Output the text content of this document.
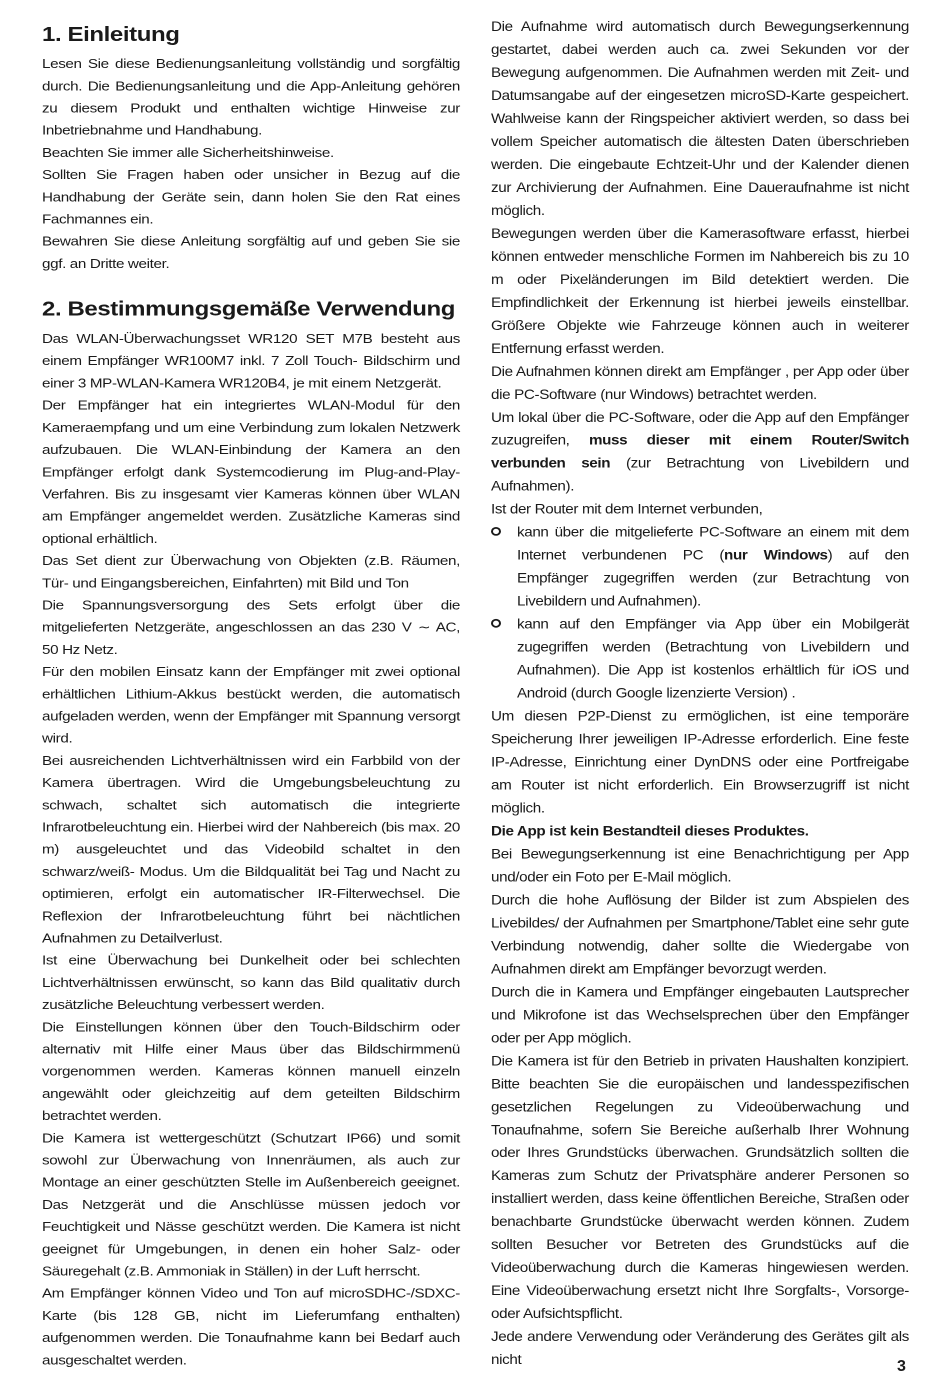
1. Einleitung

Lesen Sie diese Bedienungsanleitung vollständig und sorgfältig durch. Die Bedienungsanleitung und die App-Anleitung gehören zu diesem Produkt und enthalten wichtige Hinweise zur Inbetriebnahme und Handhabung.

Beachten Sie immer alle Sicherheitshinweise.

Sollten Sie Fragen haben oder unsicher in Bezug auf die Handhabung der Geräte sein, dann holen Sie den Rat eines Fachmannes ein.

Bewahren Sie diese Anleitung sorgfältig auf und geben Sie sie ggf. an Dritte weiter.

2. Bestimmungsgemäße Verwendung

Das WLAN-Überwachungsset WR120 SET M7B besteht aus einem Empfänger WR100M7 inkl. 7 Zoll Touch- Bildschirm und einer 3 MP-WLAN-Kamera WR120B4, je mit einem Netzgerät.

Der Empfänger hat ein integriertes WLAN-Modul für den Kameraempfang und um eine Verbindung zum lokalen Netzwerk aufzubauen. Die WLAN-Einbindung der Kamera an den Empfänger erfolgt dank Systemcodierung im Plug-and-Play-Verfahren. Bis zu insgesamt vier Kameras können über WLAN am Empfänger angemeldet werden. Zusätzliche Kameras sind optional erhältlich.

Das Set dient zur Überwachung von Objekten (z.B. Räumen, Tür- und Eingangsbereichen, Einfahrten) mit Bild und Ton

Die Spannungsversorgung des Sets erfolgt über die mitgelieferten Netzgeräte, angeschlossen an das 230 V ∼ AC, 50 Hz Netz.

Für den mobilen Einsatz kann der Empfänger mit zwei optional erhältlichen Lithium-Akkus bestückt werden, die automatisch aufgeladen werden, wenn der Empfänger mit Spannung versorgt wird.

Bei ausreichenden Lichtverhältnissen wird ein Farbbild von der Kamera übertragen. Wird die Umgebungsbeleuchtung zu schwach, schaltet sich automatisch die integrierte Infrarotbeleuchtung ein. Hierbei wird der Nahbereich (bis max. 20 m) ausgeleuchtet und das Videobild schaltet in den schwarz/weiß- Modus. Um die Bildqualität bei Tag und Nacht zu optimieren, erfolgt ein automatischer IR-Filterwechsel. Die Reflexion der Infrarotbeleuchtung führt bei nächtlichen Aufnahmen zu Detailverlust.

Ist eine Überwachung bei Dunkelheit oder bei schlechten Lichtverhältnissen erwünscht, so kann das Bild qualitativ durch zusätzliche Beleuchtung verbessert werden.

Die Einstellungen können über den Touch-Bildschirm oder alternativ mit Hilfe einer Maus über das Bildschirmmenü vorgenommen werden. Kameras können manuell einzeln angewählt oder gleichzeitig auf dem geteilten Bildschirm betrachtet werden.

Die Kamera ist wettergeschützt (Schutzart IP66) und somit sowohl zur Überwachung von Innenräumen, als auch zur Montage an einer geschützten Stelle im Außenbereich geeignet. Das Netzgerät und die Anschlüsse müssen jedoch vor Feuchtigkeit und Nässe geschützt werden. Die Kamera ist nicht geeignet für Umgebungen, in denen ein hoher Salz- oder Säuregehalt (z.B. Ammoniak in Ställen) in der Luft herrscht.

Am Empfänger können Video und Ton auf microSDHC-/SDXC-Karte (bis 128 GB, nicht im Lieferumfang enthalten) aufgenommen werden. Die Tonaufnahme kann bei Bedarf auch ausgeschaltet werden.

Die Aufnahme wird automatisch durch Bewegungserkennung gestartet, dabei werden auch ca. zwei Sekunden vor der Bewegung aufgenommen. Die Aufnahmen werden mit Zeit- und Datumsangabe auf der eingesetzen microSD-Karte gespeichert. Wahlweise kann der Ringspeicher aktiviert werden, so dass bei vollem Speicher automatisch die ältesten Daten überschrieben werden. Die eingebaute Echtzeit-Uhr und der Kalender dienen zur Archivierung der Aufnahmen. Eine Daueraufnahme ist nicht möglich.

Bewegungen werden über die Kamerasoftware erfasst, hierbei können entweder menschliche Formen im Nahbereich bis zu 10 m oder Pixeländerungen im Bild detektiert werden. Die Empfindlichkeit der Erkennung ist hierbei jeweils einstellbar. Größere Objekte wie Fahrzeuge können auch in weiterer Entfernung erfasst werden.

Die Aufnahmen können direkt am Empfänger , per App oder über die PC-Software (nur Windows) betrachtet werden.

Um lokal über die PC-Software, oder die App auf den Empfänger zuzugreifen, muss dieser mit einem Router/Switch verbunden sein (zur Betrachtung von Livebildern und Aufnahmen).

Ist der Router mit dem Internet verbunden,

kann über die mitgelieferte PC-Software an einem mit dem Internet verbundenen PC (nur Windows) auf den Empfänger zugegriffen werden (zur Betrachtung von Livebildern und Aufnahmen).
kann auf den Empfänger via App über ein Mobilgerät zugegriffen werden (Betrachtung von Livebildern und Aufnahmen). Die App ist kostenlos erhältlich für iOS und Android (durch Google lizenzierte Version) .

Um diesen P2P-Dienst zu ermöglichen, ist eine temporäre Speicherung Ihrer jeweiligen IP-Adresse erforderlich. Eine feste IP-Adresse, Einrichtung einer DynDNS oder eine Portfreigabe am Router ist nicht erforderlich. Ein Browserzugriff ist nicht möglich.

Die App ist kein Bestandteil dieses Produktes.

Bei Bewegungserkennung ist eine Benachrichtigung per App und/oder ein Foto per E-Mail möglich.

Durch die hohe Auflösung der Bilder ist zum Abspielen des Livebildes/ der Aufnahmen per Smartphone/Tablet eine sehr gute Verbindung notwendig, daher sollte die Wiedergabe von Aufnahmen direkt am Empfänger bevorzugt werden.

Durch die in Kamera und Empfänger eingebauten Lautsprecher und Mikrofone ist das Wechselsprechen über den Empfänger oder per App möglich.

Die Kamera ist für den Betrieb in privaten Haushalten konzipiert. Bitte beachten Sie die europäischen und landesspezifischen gesetzlichen Regelungen zu Videoüberwachung und Tonaufnahme, sofern Sie Bereiche außerhalb Ihrer Wohnung oder Ihres Grundstücks überwachen. Grundsätzlich sollten die Kameras zum Schutz der Privatsphäre anderer Personen so installiert werden, dass keine öffentlichen Bereiche, Straßen oder benachbarte Grundstücke überwacht werden können. Zudem sollten Besucher vor Betreten des Grundstücks auf die Videoüberwachung durch die Kameras hingewiesen werden. Eine Videoüberwachung ersetzt nicht Ihre Sorgfalts-, Vorsorge- oder Aufsichtspflicht.

Jede andere Verwendung oder Veränderung des Gerätes gilt als nicht	3
